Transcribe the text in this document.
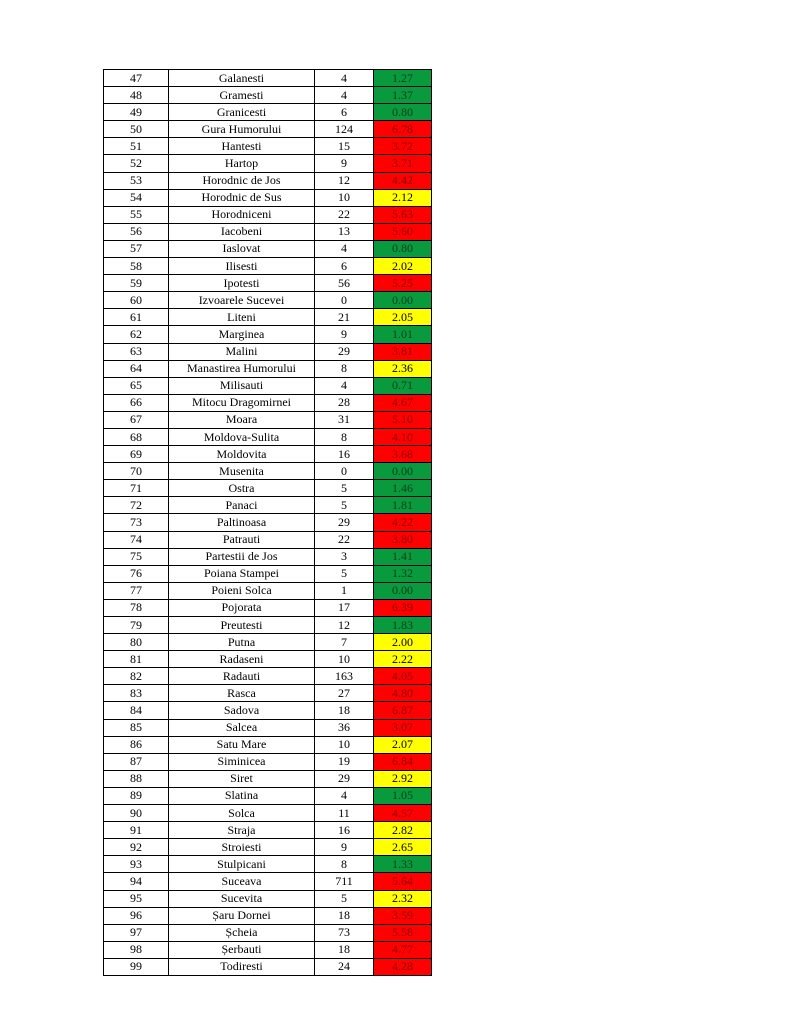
47	Galanesti	4	1.27
48	Gramesti	4	1.37
49	Granicesti	6	0.80
50	Gura Humorului	124	6.78
51	Hantesti	15	3.72
52	Hartop	9	3.71
53	Horodnic de Jos	12	4.42
54	Horodnic de Sus	10	2.12
55	Horodniceni	22	5.63
56	Iacobeni	13	5.60
57	Iaslovat	4	0.80
58	Ilisesti	6	2.02
59	Ipotesti	56	5.25
60	Izvoarele Sucevei	0	0.00
61	Liteni	21	2.05
62	Marginea	9	1.01
63	Malini	29	3.81
64	Manastirea Humorului	8	2.36
65	Milisauti	4	0.71
66	Mitocu Dragomirnei	28	4.67
67	Moara	31	5.10
68	Moldova-Sulita	8	4.10
69	Moldovita	16	3.68
70	Musenita	0	0.00
71	Ostra	5	1.46
72	Panaci	5	1.81
73	Paltinoasa	29	4.22
74	Patrauti	22	3.80
75	Partestii de Jos	3	1.41
76	Poiana Stampei	5	1.32
77	Poieni Solca	1	0.00
78	Pojorata	17	6.39
79	Preutesti	12	1.83
80	Putna	7	2.00
81	Radaseni	10	2.22
82	Radauti	163	4.05
83	Rasca	27	4.80
84	Sadova	18	6.87
85	Salcea	36	3.07
86	Satu Mare	10	2.07
87	Siminicea	19	6.84
88	Siret	29	2.92
89	Slatina	4	1.05
90	Solca	11	4.57
91	Straja	16	2.82
92	Stroiesti	9	2.65
93	Stulpicani	8	1.33
94	Suceava	711	5.64
95	Sucevita	5	2.32
96	Șaru Dornei	18	3.59
97	Șcheia	73	5.58
98	Șerbauti	18	4.77
99	Todiresti	24	4.28
